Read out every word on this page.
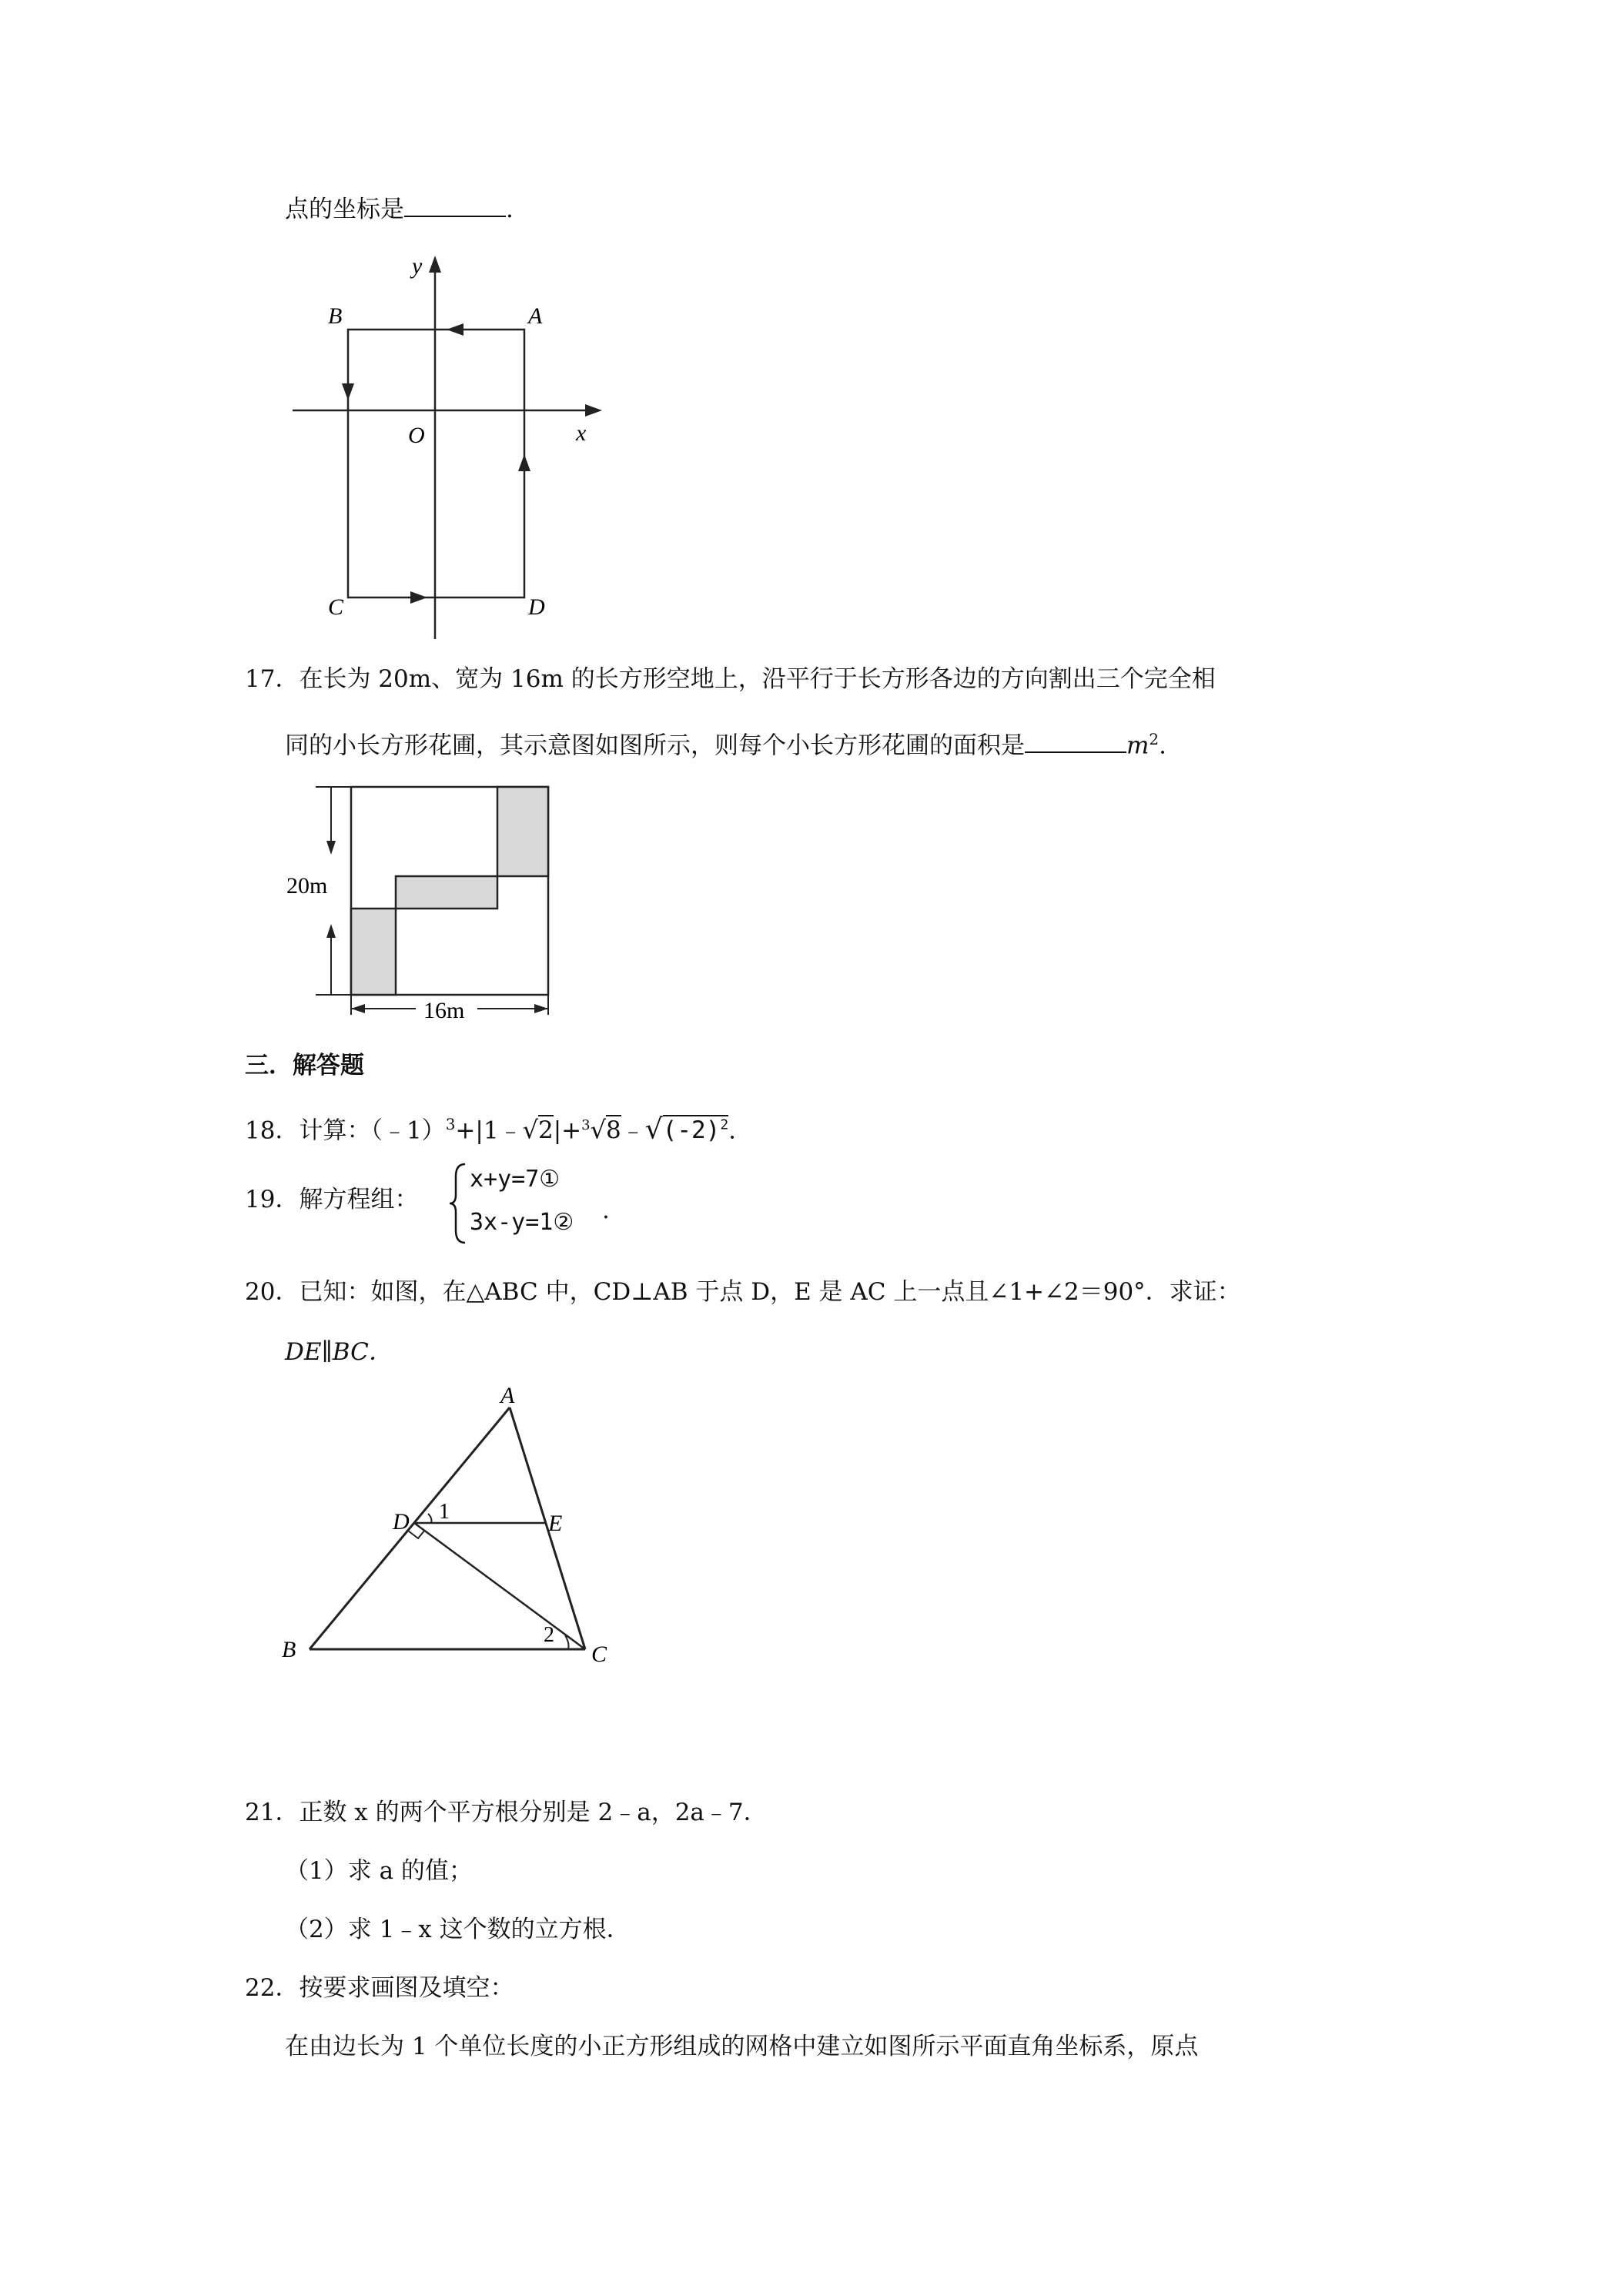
点的坐标是	.
y
x
O
A
B
C	D
17．在长为 20m、宽为 16m 的长方形空地上，沿平行于长方形各边的方向割出三个完全相
同的小长方形花圃，其示意图如图所示，则每个小长方形花圃的面积是	$m^2$.
20m
16m
三．解答题
18．计算：$(﹣1)^3+|1﹣√2|+^3√8﹣√(-2)^2$.
19．解方程组：
x+y=7①
3x-y=1② .
20．已知：如图，在△ABC 中，CD⊥AB 于点 D，E 是 AC 上一点且∠1+∠2＝90°．求证：
DE∥BC．
A
B	C
D	E
1
2
21．正数 x 的两个平方根分别是 2﹣a，2a﹣7．
（1）求 a 的值；
（2）求 1﹣x 这个数的立方根．
22．按要求画图及填空：
在由边长为 1 个单位长度的小正方形组成的网格中建立如图所示平面直角坐标系，原点
